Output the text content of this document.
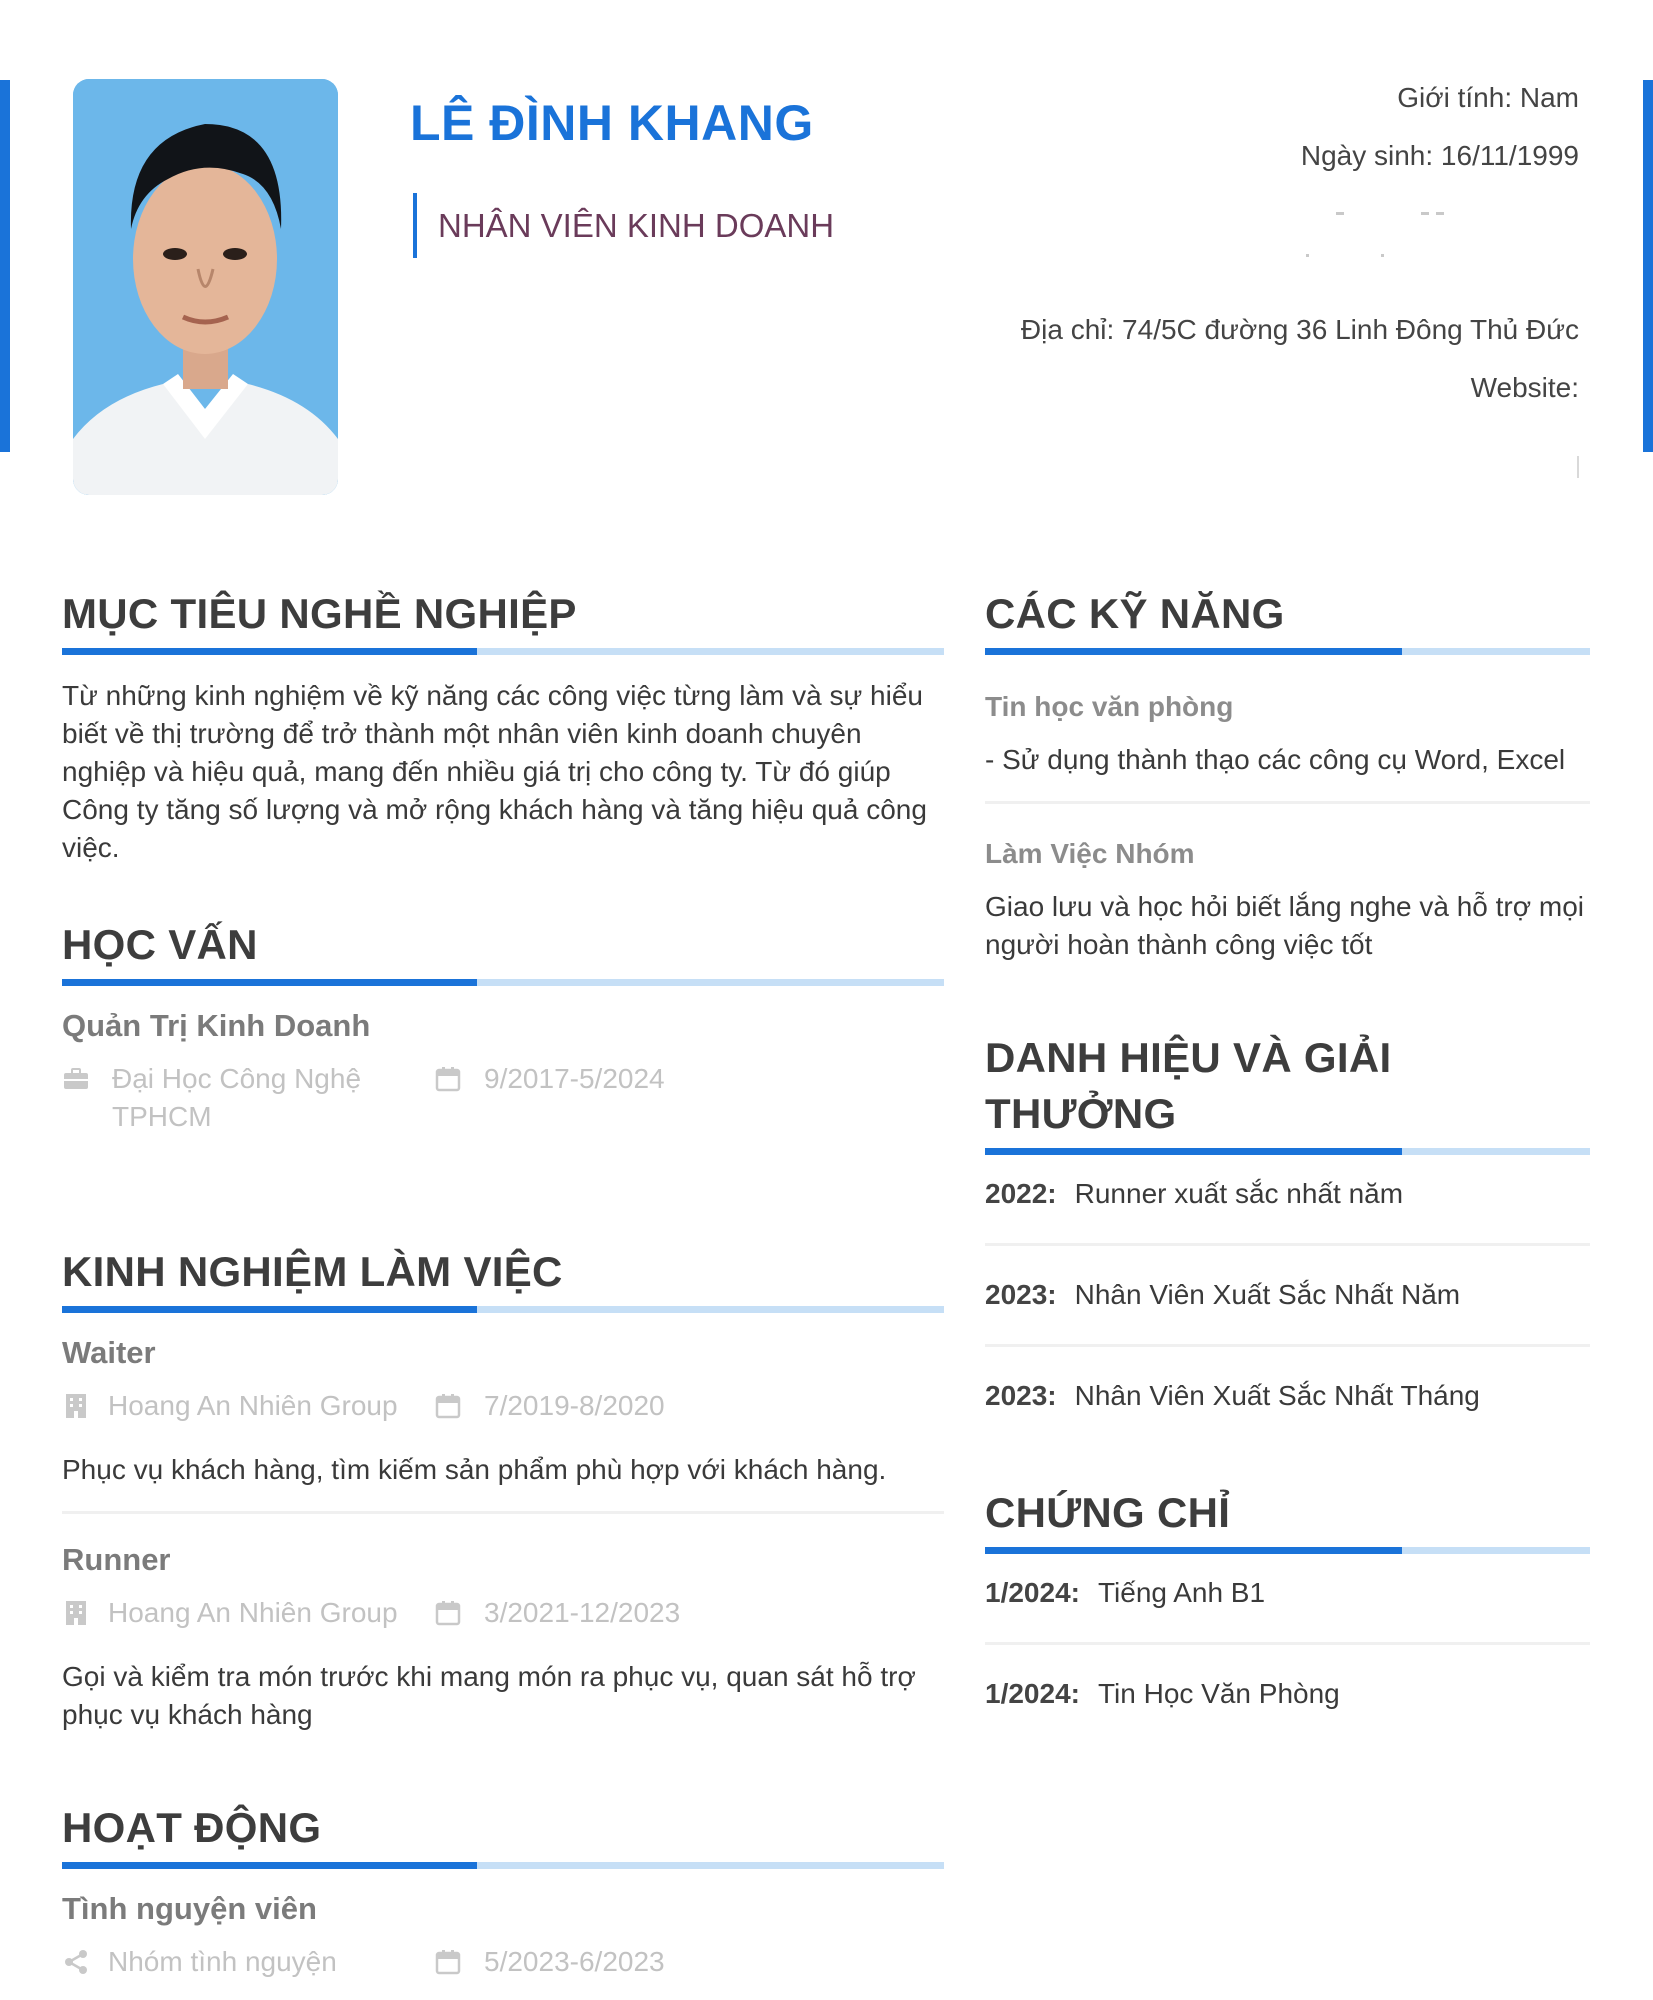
LÊ ĐÌNH KHANG
NHÂN VIÊN KINH DOANH
Giới tính: Nam
Ngày sinh: 16/11/1999
Địa chỉ: 74/5C đường 36 Linh Đông Thủ Đức
Website:
MỤC TIÊU NGHỀ NGHIỆP
Từ những kinh nghiệm về kỹ năng các công việc từng làm và sự hiểu biết về thị trường để trở thành một nhân viên kinh doanh chuyên nghiệp và hiệu quả, mang đến nhiều giá trị cho công ty. Từ đó giúp Công ty tăng số lượng và mở rộng khách hàng và tăng hiệu quả công việc.
HỌC VẤN
Quản Trị Kinh Doanh
Đại Học Công Nghệ TPHCM
9/2017-5/2024
KINH NGHIỆM LÀM VIỆC
Waiter
Hoang An Nhiên Group	7/2019-8/2020
Phục vụ khách hàng, tìm kiếm sản phẩm phù hợp với khách hàng.
Runner
Hoang An Nhiên Group	3/2021-12/2023
Gọi và kiểm tra món trước khi mang món ra phục vụ, quan sát hỗ trợ phục vụ khách hàng
HOẠT ĐỘNG
Tình nguyện viên
Nhóm tình nguyện	5/2023-6/2023
CÁC KỸ NĂNG
Tin học văn phòng
- Sử dụng thành thạo các công cụ Word, Excel
Làm Việc Nhóm
Giao lưu và học hỏi biết lắng nghe và hỗ trợ mọi người hoàn thành công việc tốt
DANH HIỆU VÀ GIẢI THƯỞNG
2022: Runner xuất sắc nhất năm
2023: Nhân Viên Xuất Sắc Nhất Năm
2023: Nhân Viên Xuất Sắc Nhất Tháng
CHỨNG CHỈ
1/2024: Tiếng Anh B1
1/2024: Tin Học Văn Phòng
